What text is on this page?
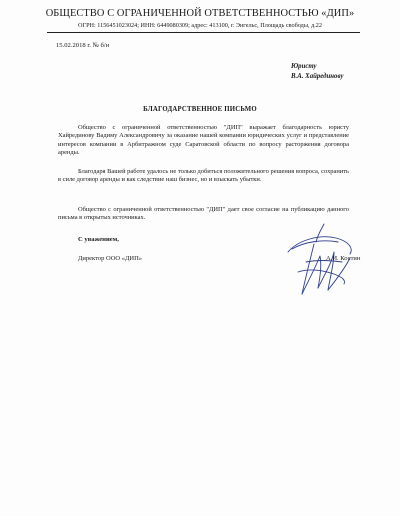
ОБЩЕСТВО С ОГРАНИЧЕННОЙ ОТВЕТСТВЕННОСТЬЮ «ДИП»
ОГРН: 1156451023024; ИНН: 6449080309; адрес: 413100, г. Энгельс, Площадь свободы, д.22
15.02.2018 г. № б/н
Юристу
В.А. Хайрединову
БЛАГОДАРСТВЕННОЕ ПИСЬМО
Общество с ограниченной ответственностью "ДИП" выражает благодарность юристу Хайрединову Вадиму Александровичу за оказание нашей компании юридических услуг и представление интересов компании в Арбитражном суде Саратовской области по вопросу расторжения договора аренды.
Благодаря Вашей работе удалось не только добиться положительного решения вопроса, сохранить в силе договор аренды и как следствие наш бизнес, но и взыскать убытки.
Общество с ограниченной ответственностью "ДИП" дает свое согласие на публикацию данного письма в открытых источниках.
С уважением,
Директор ООО «ДИП»	А.И. Костин
